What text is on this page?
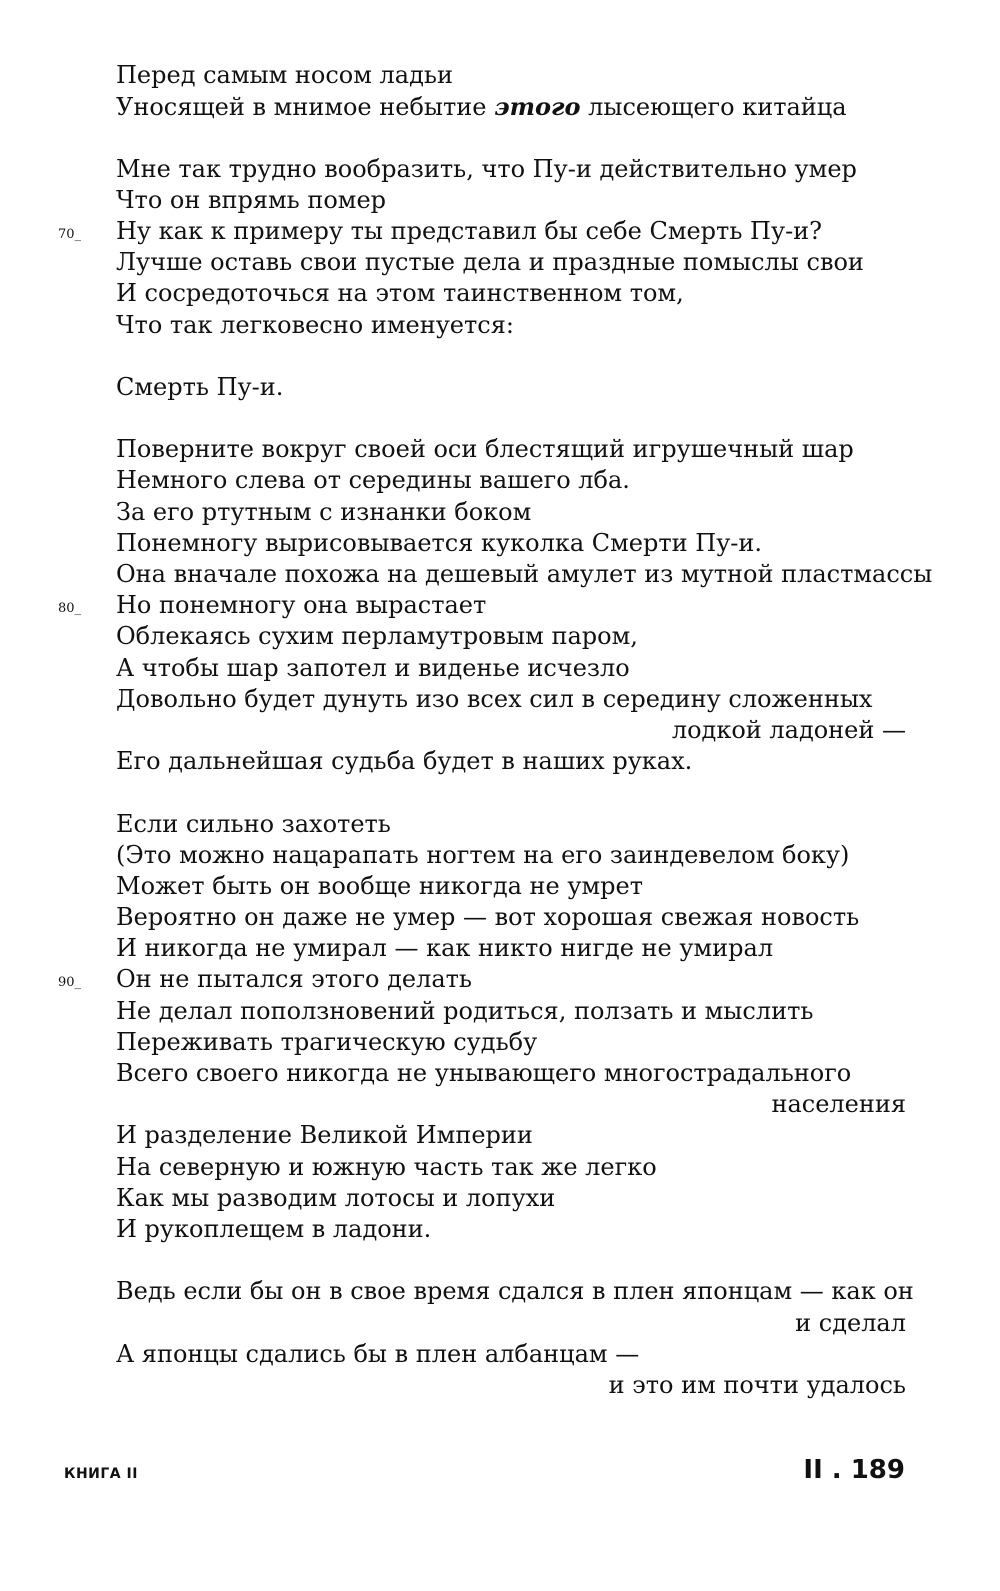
Перед самым носом ладьи
Уносящей в мнимое небытие этого лысеющего китайца
Мне так трудно вообразить, что Пу-и действительно умер
Что он впрямь помер
70_ Ну как к примеру ты представил бы себе Смерть Пу-и?
Лучше оставь свои пустые дела и праздные помыслы свои
И сосредоточься на этом таинственном том,
Что так легковесно именуется:
Смерть Пу-и.
Поверните вокруг своей оси блестящий игрушечный шар
Немного слева от середины вашего лба.
За его ртутным с изнанки боком
Понемногу вырисовывается куколка Смерти Пу-и.
Она вначале похожа на дешевый амулет из мутной пластмассы
80_ Но понемногу она вырастает
Облекаясь сухим перламутровым паром,
А чтобы шар запотел и виденье исчезло
Довольно будет дунуть изо всех сил в середину сложенных
лодкой ладоней —
Его дальнейшая судьба будет в наших руках.
Если сильно захотеть
(Это можно нацарапать ногтем на его заиндевелом боку)
Может быть он вообще никогда не умрет
Вероятно он даже не умер — вот хорошая свежая новость
И никогда не умирал — как никто нигде не умирал
90_ Он не пытался этого делать
Не делал поползновений родиться, ползать и мыслить
Переживать трагическую судьбу
Всего своего никогда не унывающего многострадального
населения
И разделение Великой Империи
На северную и южную часть так же легко
Как мы разводим лотосы и лопухи
И рукоплещем в ладони.
Ведь если бы он в свое время сдался в плен японцам — как он
и сделал
А японцы сдались бы в плен албанцам —
и это им почти удалось
КНИГА II	II . 189
